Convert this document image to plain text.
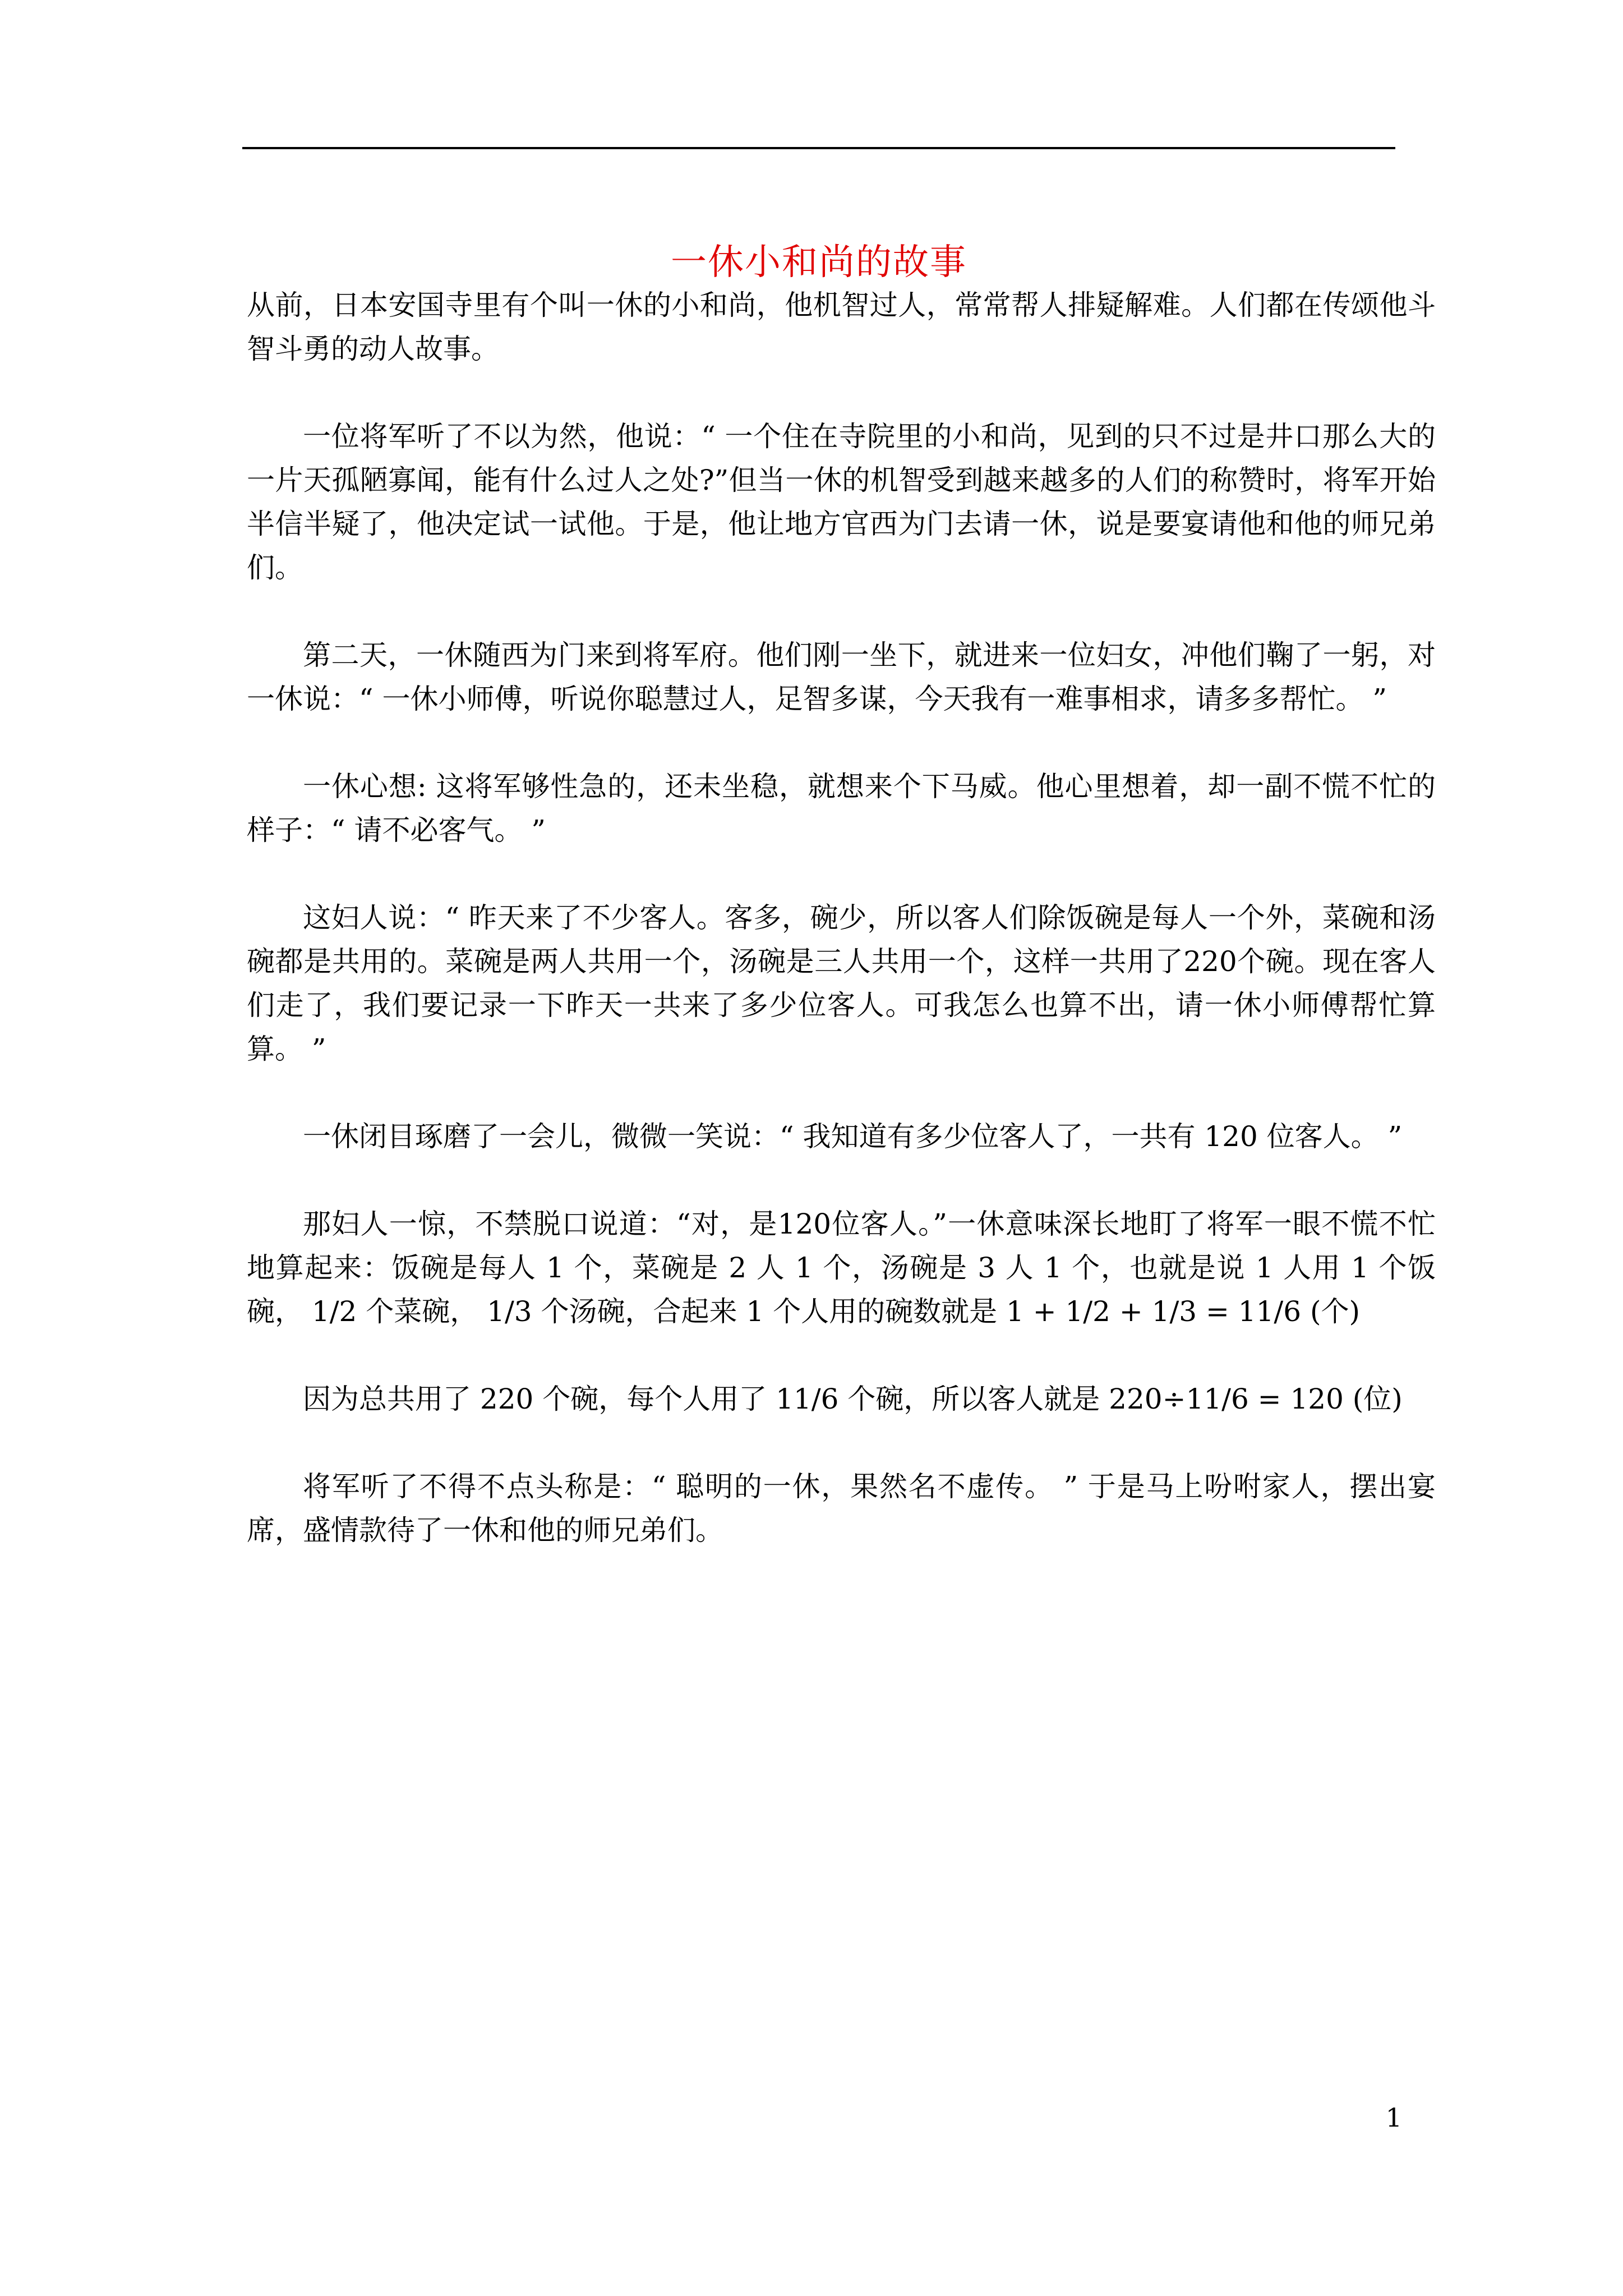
一休小和尚的故事

从前，日本安国寺里有个叫一休的小和尚，他机智过人，常常帮人排疑解难。人们都在传颂他斗智斗勇的动人故事。

一位将军听了不以为然，他说：“ 一个住在寺院里的小和尚，见到的只不过是井口那么大的一片天孤陋寡闻，能有什么过人之处?”但当一休的机智受到越来越多的人们的称赞时，将军开始半信半疑了，他决定试一试他。于是，他让地方官西为门去请一休，说是要宴请他和他的师兄弟们。

第二天，一休随西为门来到将军府。他们刚一坐下，就进来一位妇女，冲他们鞠了一躬，对一休说：“ 一休小师傅，听说你聪慧过人，足智多谋，今天我有一难事相求，请多多帮忙。 ”

一休心想: 这将军够性急的，还未坐稳，就想来个下马威。他心里想着，却一副不慌不忙的样子：“ 请不必客气。 ”

这妇人说：“ 昨天来了不少客人。客多，碗少，所以客人们除饭碗是每人一个外，菜碗和汤碗都是共用的。菜碗是两人共用一个，汤碗是三人共用一个，这样一共用了220个碗。现在客人们走了，我们要记录一下昨天一共来了多少位客人。可我怎么也算不出，请一休小师傅帮忙算算。 ”

一休闭目琢磨了一会儿，微微一笑说：“ 我知道有多少位客人了，一共有 120 位客人。 ”

那妇人一惊，不禁脱口说道：“对，是120位客人。”一休意味深长地盯了将军一眼不慌不忙地算起来：饭碗是每人 1 个，菜碗是 2 人 1 个，汤碗是 3 人 1 个，也就是说 1 人用 1 个饭碗， 1/2 个菜碗， 1/3 个汤碗，合起来 1 个人用的碗数就是 1 + 1/2 + 1/3 = 11/6 (个)

因为总共用了 220 个碗，每个人用了 11/6 个碗，所以客人就是 220÷11/6 = 120 (位)

将军听了不得不点头称是：“ 聪明的一休，果然名不虚传。 ” 于是马上吩咐家人，摆出宴席，盛情款待了一休和他的师兄弟们。

1
